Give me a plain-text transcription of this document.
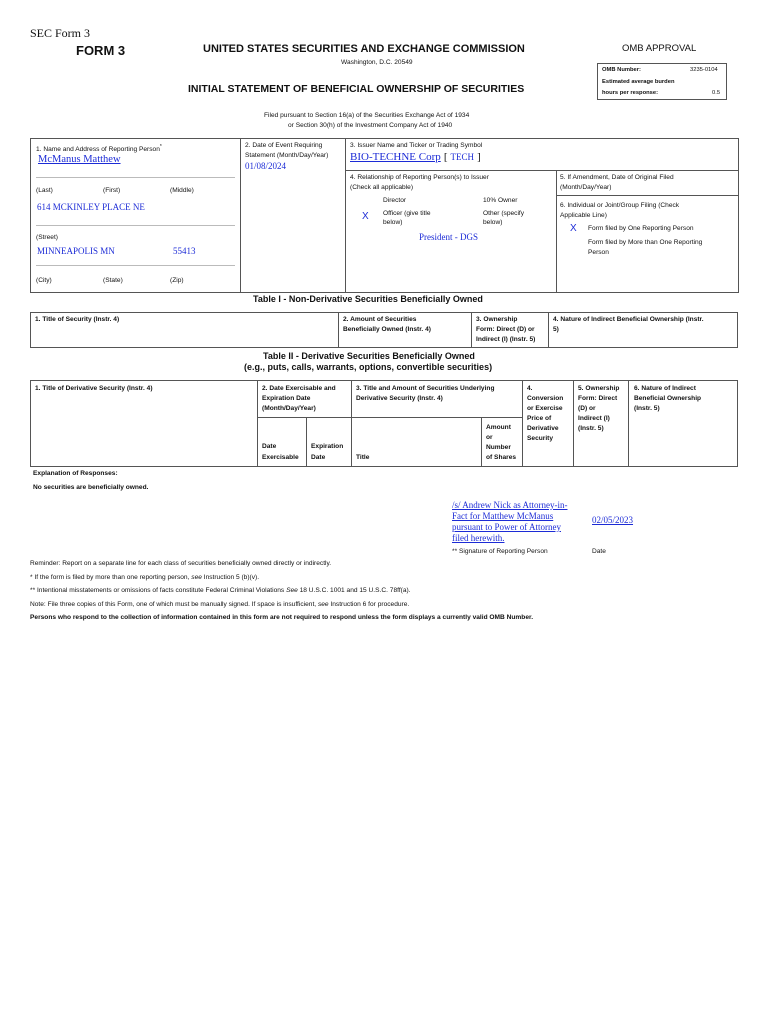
SEC Form 3
FORM 3	UNITED STATES SECURITIES AND EXCHANGE COMMISSION
Washington, D.C. 20549
INITIAL STATEMENT OF BENEFICIAL OWNERSHIP OF SECURITIES
Filed pursuant to Section 16(a) of the Securities Exchange Act of 1934
or Section 30(h) of the Investment Company Act of 1940
OMB APPROVAL
OMB Number:	3235-0104
Estimated average burden
hours per response:	0.5
1. Name and Address of Reporting Person*
McManus Matthew
(Last)	(First)	(Middle)
614 MCKINLEY PLACE NE
(Street)
MINNEAPOLIS MN	55413
(City)	(State)	(Zip)
2. Date of Event Requiring
Statement (Month/Day/Year)
01/08/2024
3. Issuer Name and Ticker or Trading Symbol
BIO-TECHNE Corp [ TECH ]
4. Relationship of Reporting Person(s) to Issuer
(Check all applicable)
Director	10% Owner
X Officer (give title
below)
Other (specify
below)
President - DGS
5. If Amendment, Date of Original Filed
(Month/Day/Year)
6. Individual or Joint/Group Filing (Check
Applicable Line)
X Form filed by One Reporting Person
Form filed by More than One Reporting
Person
Table I - Non-Derivative Securities Beneficially Owned
1. Title of Security (Instr. 4)	2. Amount of Securities
Beneficially Owned (Instr. 4)
3. Ownership
Form: Direct (D) or
Indirect (I) (Instr. 5)
4. Nature of Indirect Beneficial Ownership (Instr.
5)
Table II - Derivative Securities Beneficially Owned
(e.g., puts, calls, warrants, options, convertible securities)
1. Title of Derivative Security (Instr. 4)	2. Date Exercisable and
Expiration Date
(Month/Day/Year)
Date
Exercisable
Expiration
Date
3. Title and Amount of Securities Underlying
Derivative Security (Instr. 4)
Title
Amount
or
Number
of Shares
4.
Conversion
or Exercise
Price of
Derivative
Security
5. Ownership
Form: Direct
(D) or
Indirect (I)
(Instr. 5)
6. Nature of Indirect
Beneficial Ownership
(Instr. 5)
Explanation of Responses:
No securities are beneficially owned.
/s/ Andrew Nick as Attorney-in-
Fact for Matthew McManus
pursuant to Power of Attorney
filed herewith.
02/05/2023
** Signature of Reporting Person	Date
Reminder: Report on a separate line for each class of securities beneficially owned directly or indirectly.
* If the form is filed by more than one reporting person, see Instruction 5 (b)(v).
** Intentional misstatements or omissions of facts constitute Federal Criminal Violations See 18 U.S.C. 1001 and 15 U.S.C. 78ff(a).
Note: File three copies of this Form, one of which must be manually signed. If space is insufficient, see Instruction 6 for procedure.
Persons who respond to the collection of information contained in this form are not required to respond unless the form displays a currently valid OMB Number.
